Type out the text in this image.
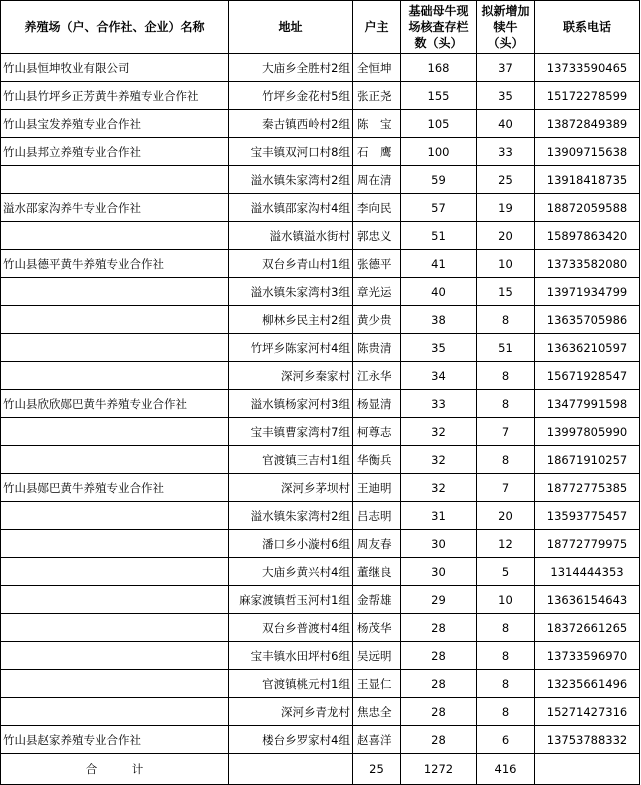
养殖场（户、合作社、企业）名称	地址	户主	基础母牛现场核查存栏数（头）	拟新增加犊牛（头）	联系电话
竹山县恒坤牧业有限公司	大庙乡全胜村2组	全恒坤	168	37	13733590465
竹山县竹坪乡正芳黄牛养殖专业合作社	竹坪乡金花村5组	张正尧	155	35	15172278599
竹山县宝发养殖专业合作社	秦古镇西岭村2组	陈　宝	105	40	13872849389
竹山县邦立养殖专业合作社	宝丰镇双河口村8组	石　鹰	100	33	13909715638
	溢水镇朱家湾村2组	周在清	59	25	13918418735
溢水邵家沟养牛专业合作社	溢水镇邵家沟村4组	李向民	57	19	18872059588
	溢水镇溢水街村	郭忠义	51	20	15897863420
竹山县德平黄牛养殖专业合作社	双台乡青山村1组	张德平	41	10	13733582080
	溢水镇朱家湾村3组	章光运	40	15	13971934799
	柳林乡民主村2组	黄少贵	38	8	13635705986
	竹坪乡陈家河村4组	陈贵清	35	51	13636210597
	深河乡秦家村	江永华	34	8	15671928547
竹山县欣欣郧巴黄牛养殖专业合作社	溢水镇杨家河村3组	杨显清	33	8	13477991598
	宝丰镇曹家湾村7组	柯尊志	32	7	13997805990
	官渡镇三吉村1组	华衡兵	32	8	18671910257
竹山县郧巴黄牛养殖专业合作社	深河乡茅坝村	王迪明	32	7	18772775385
	溢水镇朱家湾村2组	吕志明	31	20	13593775457
	潘口乡小漩村6组	周友春	30	12	18772779975
	大庙乡黄兴村4组	董继良	30	5	1314444353
	麻家渡镇哲玉河村1组	金帮雄	29	10	13636154643
	双台乡普渡村4组	杨茂华	28	8	18372661265
	宝丰镇水田坪村6组	吴远明	28	8	13733596970
	官渡镇桃元村1组	王显仁	28	8	13235661496
	深河乡青龙村	焦忠全	28	8	15271427316
竹山县赵家养殖专业合作社	楼台乡罗家村4组	赵喜洋	28	6	13753788332
合　　　计		25	1272	416	
